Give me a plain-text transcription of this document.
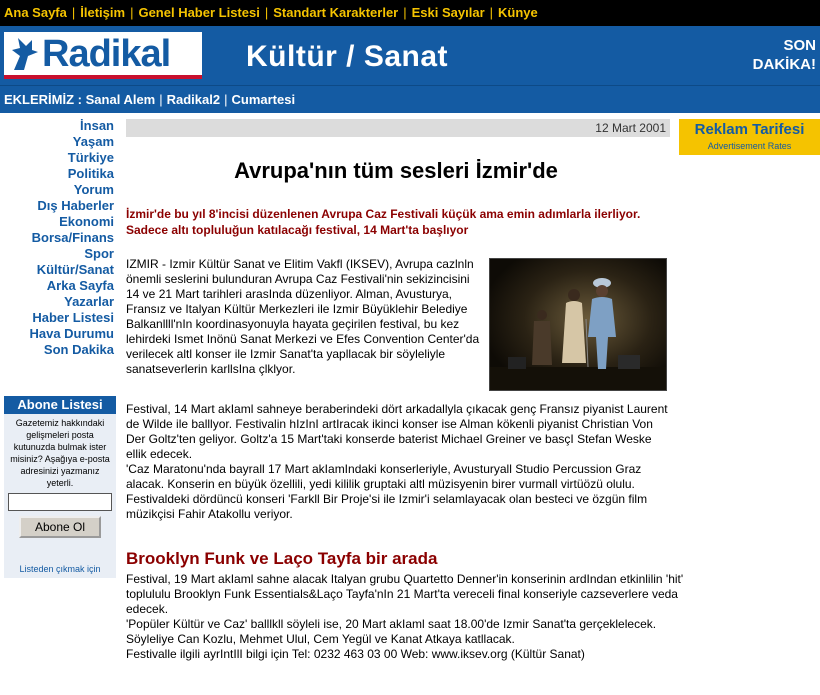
Ana Sayfa | İletişim | Genel Haber Listesi | Standart Karakterler | Eski Sayılar | Künye
Radikal	Kültür / Sanat	SON
DAKİKA!
EKLERİMİZ : Sanal Alem | Radikal2 | Cumartesi
İnsan
Yaşam
Türkiye
Politika
Yorum
Dış Haberler
Ekonomi
Borsa/Finans
Spor
Kültür/Sanat
Arka Sayfa
Yazarlar
Haber Listesi
Hava Durumu
Son Dakika
Abone Listesi
Gazetemiz hakkındaki gelişmeleri posta kutunuzda bulmak ister misiniz? Aşağıya e-posta adresinizi yazmanız yeterli.
Abone Ol
Listeden çıkmak için
12 Mart 2001	Reklam Tarifesi
Advertisement Rates
Avrupa'nın tüm sesleri İzmir'de
İzmir'de bu yıl 8'incisi düzenlenen Avrupa Caz Festivali küçük ama emin adımlarla ilerliyor. Sadece altı topluluğun katılacağı festival, 14 Mart'ta başlıyor
IZMIR - Izmir Kültür Sanat ve Elitim Vakfl (IKSEV), Avrupa cazlnln önemli seslerini bulunduran Avrupa Caz Festivali'nin sekizincisini 14 ve 21 Mart tarihleri arasInda düzenliyor. Alman, Avusturya, Fransız ve Italyan Kültür Merkezleri ile Izmir Büyüklehir Belediye Balkanllll'nIn koordinasyonuyla hayata geçirilen festival, bu kez lehirdeki Ismet Inönü Sanat Merkezi ve Efes Convention Center'da verilecek altl konser ile Izmir Sanat'ta yapllacak bir söyleliyle sanatseverlerin karllsIna çlklyor.

Festival, 14 Mart akIaml sahneye beraberindeki dört arkadallyla çıkacak genç Fransız piyanist Laurent de Wilde ile balllyor. Festivalin hIzInI artIracak ikinci konser ise Alman kökenli piyanist Christian Von Der Goltz'ten geliyor. Goltz'a 15 Mart'taki konserde baterist Michael Greiner ve basçI Stefan Weske ellik edecek.

'Caz Maratonu'nda bayrall 17 Mart akIamIndaki konserleriyle, Avusturyall Studio Percussion Graz alacak. Konserin en büyük özellili, yedi kililik gruptaki altl müzisyenin birer vurmall virtüözü olulu. Festivaldeki dördüncü konseri 'Farkll Bir Proje'si ile Izmir'i selamlayacak olan besteci ve özgün film müzikçisi Fahir Atakollu veriyor.

Brooklyn Funk ve Laço Tayfa bir arada

Festival, 19 Mart akIaml sahne alacak Italyan grubu Quartetto Denner'in konserinin ardIndan etkinlilin 'hit' toplululu Brooklyn Funk Essentials&Laço Tayfa'nIn 21 Mart'ta vereceli final konseriyle cazseverlere veda edecek.

'Popüler Kültür ve Caz' balllkll söyleli ise, 20 Mart akIaml saat 18.00'de Izmir Sanat'ta gerçeklelecek. Söyleliye Can Kozlu, Mehmet Ulul, Cem Yegül ve Kanat Atkaya katllacak.

Festivalle ilgili ayrIntIlI bilgi için Tel: 0232 463 03 00 Web: www.iksev.org (Kültür Sanat)
